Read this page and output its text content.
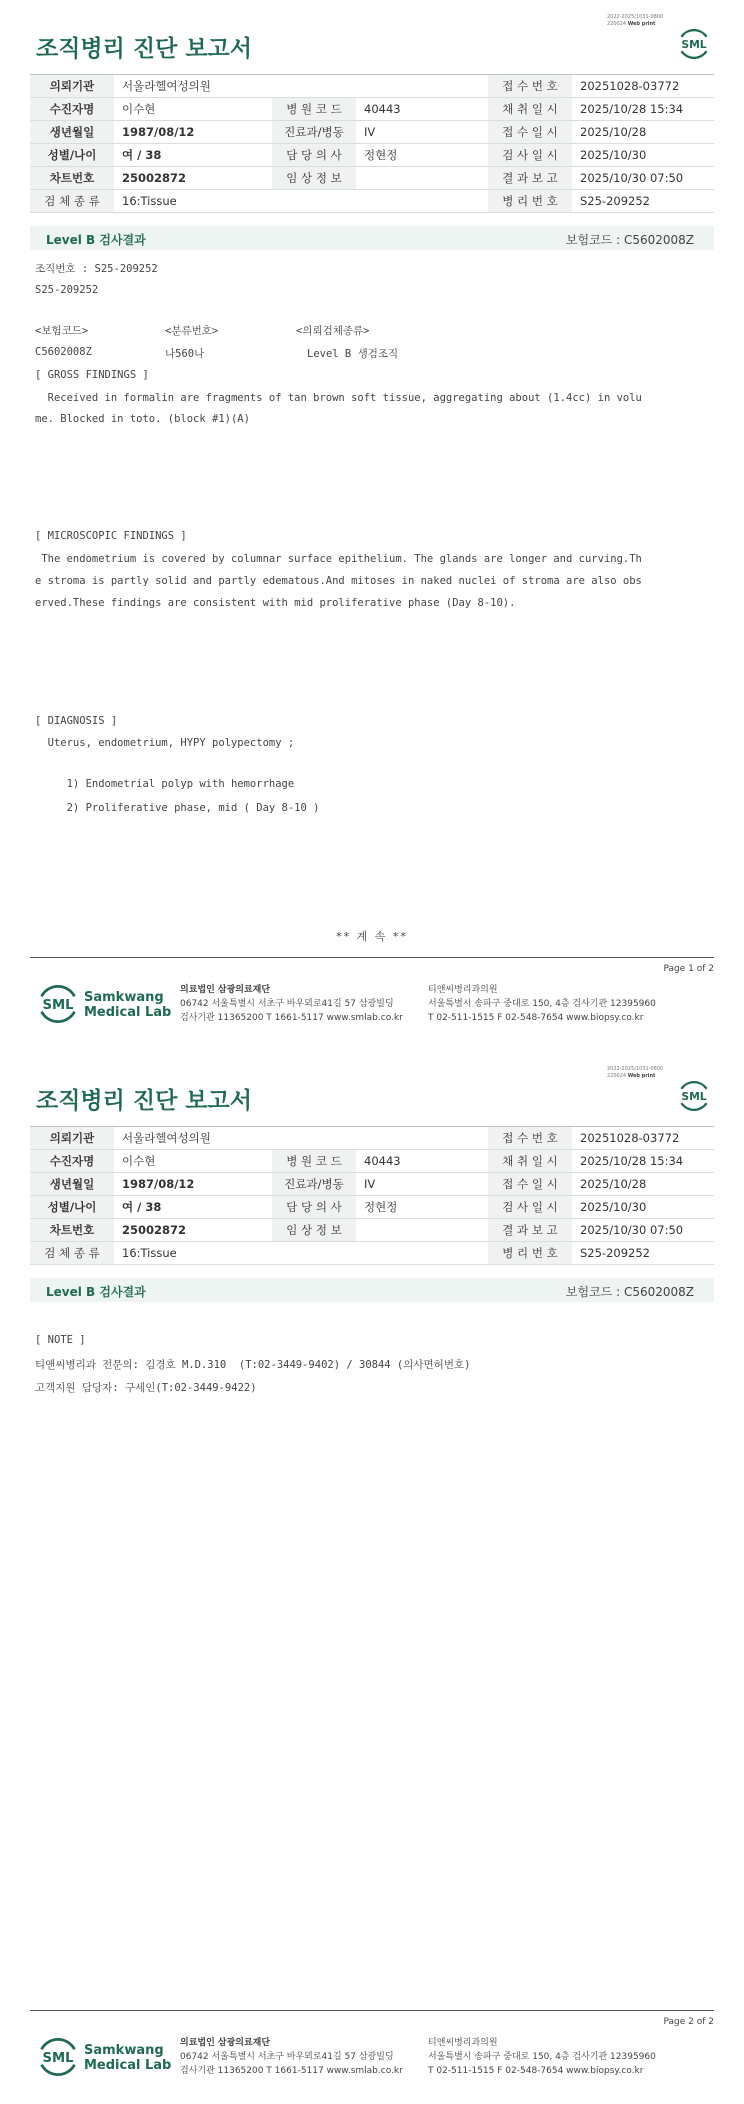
2022-2025/1031-0800
220024 Web print
조직병리 진단 보고서	SML
의뢰기관	서울라헬여성의원			접 수 번 호	20251028-03772
수진자명	이수현	병 원 코 드	40443	채 취 일 시	2025/10/28 15:34
생년월일	1987/08/12	진료과/병동	IV	접 수 일 시	2025/10/28
성별/나이	여 / 38	담 당 의 사	정현정	검 사 일 시	2025/10/30
차트번호	25002872	임 상 정 보		결 과 보 고	2025/10/30 07:50
검 체 종 류	16:Tissue			병 리 번 호	S25-209252
Level B 검사결과	보험코드 : C5602008Z
조직번호 : S25-209252
S25-209252
<보험코드>	<분류번호>	<의뢰검체종류>
C5602008Z	나560나	Level B 생검조직
[ GROSS FINDINGS ]
Received in formalin are fragments of tan brown soft tissue, aggregating about (1.4cc) in volu
me. Blocked in toto. (block #1)(A)
[ MICROSCOPIC FINDINGS ]
The endometrium is covered by columnar surface epithelium. The glands are longer and curving.Th
e stroma is partly solid and partly edematous.And mitoses in naked nuclei of stroma are also obs
erved.These findings are consistent with mid proliferative phase (Day 8-10).
[ DIAGNOSIS ]
Uterus, endometrium, HYPY polypectomy ;
1) Endometrial polyp with hemorrhage
2) Proliferative phase, mid ( Day 8-10 )
** 계 속 **
Page 1 of 2
SML
Samkwang
Medical Lab
의료법인 삼광의료재단
06742 서울특별시 서초구 바우뫼로41길 57 삼광빌딩
검사기관 11365200 T 1661-5117 www.smlab.co.kr
티앤씨병리과의원
서울특별시 송파구 중대로 150, 4층 검사기관 12395960
T 02-511-1515 F 02-548-7654 www.biopsy.co.kr
2022-2025/1031-0800
220024 Web print
조직병리 진단 보고서	SML
의뢰기관	서울라헬여성의원			접 수 번 호	20251028-03772
수진자명	이수현	병 원 코 드	40443	채 취 일 시	2025/10/28 15:34
생년월일	1987/08/12	진료과/병동	IV	접 수 일 시	2025/10/28
성별/나이	여 / 38	담 당 의 사	정현정	검 사 일 시	2025/10/30
차트번호	25002872	임 상 정 보		결 과 보 고	2025/10/30 07:50
검 체 종 류	16:Tissue			병 리 번 호	S25-209252
Level B 검사결과	보험코드 : C5602008Z
[ NOTE ]
티앤씨병리과 전문의: 김경호 M.D.310  (T:02-3449-9402) / 30844 (의사면허번호)
고객지원 담당자: 구세인(T:02-3449-9422)
Page 2 of 2
SML
Samkwang
Medical Lab
의료법인 삼광의료재단
06742 서울특별시 서초구 바우뫼로41길 57 삼광빌딩
검사기관 11365200 T 1661-5117 www.smlab.co.kr
티앤씨병리과의원
서울특별시 송파구 중대로 150, 4층 검사기관 12395960
T 02-511-1515 F 02-548-7654 www.biopsy.co.kr
